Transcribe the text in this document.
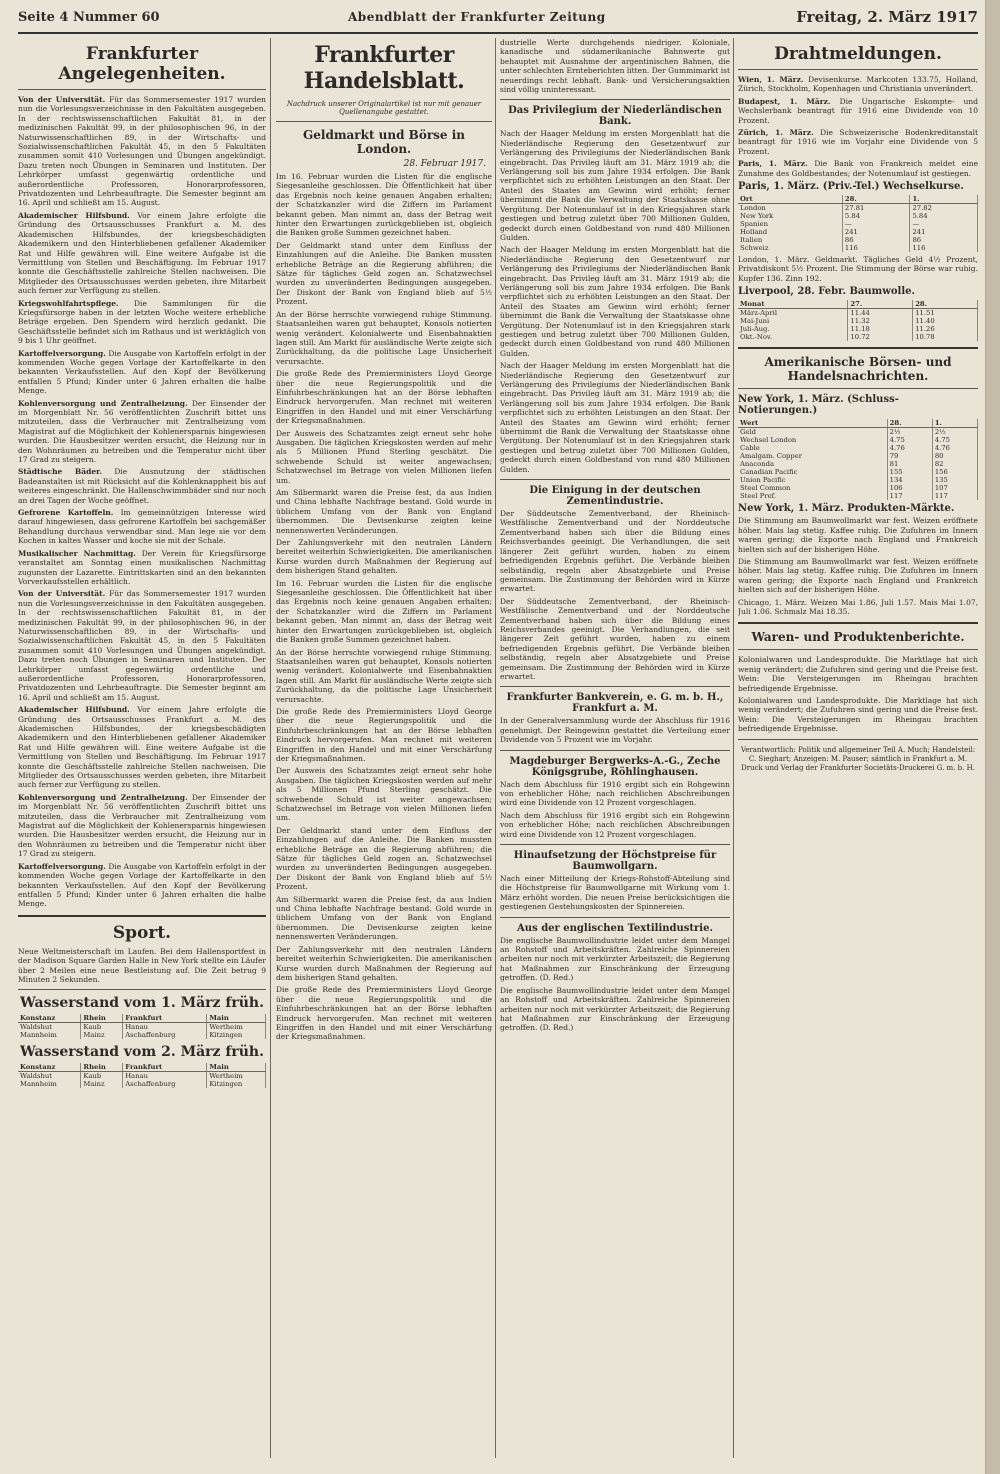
Seite 4 Nummer 60	Abendblatt der Frankfurter Zeitung	Freitag, 2. März 1917
Frankfurter Angelegenheiten.

Von der Universität. Für das Sommersemester 1917 wurden nun die Vorlesungsverzeichnisse in den Fakultäten ausgegeben. In der rechtswissenschaftlichen Fakultät 81, in der medizinischen Fakultät 99, in der philosophischen 96, in der Naturwissenschaftlichen 89, in der Wirtschafts- und Sozialwissenschaftlichen Fakultät 45, in den 5 Fakultäten zusammen somit 410 Vorlesungen und Übungen angekündigt. Dazu treten noch Übungen in Seminaren und Instituten. Der Lehrkörper umfasst gegenwärtig ordentliche und außerordentliche Professoren, Honorarprofessoren, Privatdozenten und Lehrbeauftragte. Die Semester beginnt am 16. April und schließt am 15. August.

Akademischer Hilfsbund. Vor einem Jahre erfolgte die Gründung des Ortsausschusses Frankfurt a. M. des Akademischen Hilfsbundes, der kriegsbeschädigten Akademikern und den Hinterbliebenen gefallener Akademiker Rat und Hilfe gewähren will. Eine weitere Aufgabe ist die Vermittlung von Stellen und Beschäftigung. Im Februar 1917 konnte die Geschäftsstelle zahlreiche Stellen nachweisen. Die Mitglieder des Ortsausschusses werden gebeten, ihre Mitarbeit auch ferner zur Verfügung zu stellen.

Kriegswohlfahrtspflege. Die Sammlungen für die Kriegsfürsorge haben in der letzten Woche weitere erhebliche Beträge ergeben. Den Spendern wird herzlich gedankt. Die Geschäftsstelle befindet sich im Rathaus und ist werktäglich von 9 bis 1 Uhr geöffnet.

Kartoffelversorgung. Die Ausgabe von Kartoffeln erfolgt in der kommenden Woche gegen Vorlage der Kartoffelkarte in den bekannten Verkaufsstellen. Auf den Kopf der Bevölkerung entfallen 5 Pfund; Kinder unter 6 Jahren erhalten die halbe Menge.

Kohlenversorgung und Zentralheizung. Der Einsender der im Morgenblatt Nr. 56 veröffentlichten Zuschrift bittet uns mitzuteilen, dass die Verbraucher mit Zentralheizung vom Magistrat auf die Möglichkeit der Kohlenersparnis hingewiesen wurden. Die Hausbesitzer werden ersucht, die Heizung nur in den Wohnräumen zu betreiben und die Temperatur nicht über 17 Grad zu steigern.

Städtische Bäder. Die Ausnutzung der städtischen Badeanstalten ist mit Rücksicht auf die Kohlenknappheit bis auf weiteres eingeschränkt. Die Hallenschwimmbäder sind nur noch an drei Tagen der Woche geöffnet.

Gefrorene Kartoffeln. Im gemeinnützigen Interesse wird darauf hingewiesen, dass gefrorene Kartoffeln bei sachgemäßer Behandlung durchaus verwendbar sind. Man lege sie vor dem Kochen in kaltes Wasser und koche sie mit der Schale.

Musikalischer Nachmittag. Der Verein für Kriegsfürsorge veranstaltet am Sonntag einen musikalischen Nachmittag zugunsten der Lazarette. Eintrittskarten sind an den bekannten Vorverkaufsstellen erhältlich.

Von der Universität. Für das Sommersemester 1917 wurden nun die Vorlesungsverzeichnisse in den Fakultäten ausgegeben. In der rechtswissenschaftlichen Fakultät 81, in der medizinischen Fakultät 99, in der philosophischen 96, in der Naturwissenschaftlichen 89, in der Wirtschafts- und Sozialwissenschaftlichen Fakultät 45, in den 5 Fakultäten zusammen somit 410 Vorlesungen und Übungen angekündigt. Dazu treten noch Übungen in Seminaren und Instituten. Der Lehrkörper umfasst gegenwärtig ordentliche und außerordentliche Professoren, Honorarprofessoren, Privatdozenten und Lehrbeauftragte. Die Semester beginnt am 16. April und schließt am 15. August.

Akademischer Hilfsbund. Vor einem Jahre erfolgte die Gründung des Ortsausschusses Frankfurt a. M. des Akademischen Hilfsbundes, der kriegsbeschädigten Akademikern und den Hinterbliebenen gefallener Akademiker Rat und Hilfe gewähren will. Eine weitere Aufgabe ist die Vermittlung von Stellen und Beschäftigung. Im Februar 1917 konnte die Geschäftsstelle zahlreiche Stellen nachweisen. Die Mitglieder des Ortsausschusses werden gebeten, ihre Mitarbeit auch ferner zur Verfügung zu stellen.

Kohlenversorgung und Zentralheizung. Der Einsender der im Morgenblatt Nr. 56 veröffentlichten Zuschrift bittet uns mitzuteilen, dass die Verbraucher mit Zentralheizung vom Magistrat auf die Möglichkeit der Kohlenersparnis hingewiesen wurden. Die Hausbesitzer werden ersucht, die Heizung nur in den Wohnräumen zu betreiben und die Temperatur nicht über 17 Grad zu steigern.

Kartoffelversorgung. Die Ausgabe von Kartoffeln erfolgt in der kommenden Woche gegen Vorlage der Kartoffelkarte in den bekannten Verkaufsstellen. Auf den Kopf der Bevölkerung entfallen 5 Pfund; Kinder unter 6 Jahren erhalten die halbe Menge.

Sport.

Neue Weltmeisterschaft im Laufen. Bei dem Hallensportfest in der Madison Square Garden Halle in New York stellte ein Läufer über 2 Meilen eine neue Bestleistung auf. Die Zeit betrug 9 Minuten 2 Sekunden.

Wasserstand vom 1. März früh.
Konstanz	Rhein	Frankfurt	Main
Waldshut	Kaub	Hanau	Wertheim
Mannheim	Mainz	Aschaffenburg	Kitzingen
Wasserstand vom 2. März früh.
Konstanz	Rhein	Frankfurt	Main
Waldshut	Kaub	Hanau	Wertheim
Mannheim	Mainz	Aschaffenburg	Kitzingen
Frankfurter Handelsblatt.
Nachdruck unserer Originalartikel ist nur mit genauer Quellenangabe gestattet.
Geldmarkt und Börse in London.
28. Februar 1917.

Im 16. Februar wurden die Listen für die englische Siegesanleihe geschlossen. Die Öffentlichkeit hat über das Ergebnis noch keine genauen Angaben erhalten; der Schatzkanzler wird die Ziffern im Parlament bekannt geben. Man nimmt an, dass der Betrag weit hinter den Erwartungen zurückgeblieben ist, obgleich die Banken große Summen gezeichnet haben.

Der Geldmarkt stand unter dem Einfluss der Einzahlungen auf die Anleihe. Die Banken mussten erhebliche Beträge an die Regierung abführen; die Sätze für tägliches Geld zogen an. Schatzwechsel wurden zu unveränderten Bedingungen ausgegeben. Der Diskont der Bank von England blieb auf 5½ Prozent.

An der Börse herrschte vorwiegend ruhige Stimmung. Staatsanleihen waren gut behauptet, Konsols notierten wenig verändert. Kolonialwerte und Eisenbahnaktien lagen still. Am Markt für ausländische Werte zeigte sich Zurückhaltung, da die politische Lage Unsicherheit verursachte.

Die große Rede des Premierministers Lloyd George über die neue Regierungspolitik und die Einfuhrbeschränkungen hat an der Börse lebhaften Eindruck hervorgerufen. Man rechnet mit weiteren Eingriffen in den Handel und mit einer Verschärfung der Kriegsmaßnahmen.

Der Ausweis des Schatzamtes zeigt erneut sehr hohe Ausgaben. Die täglichen Kriegskosten werden auf mehr als 5 Millionen Pfund Sterling geschätzt. Die schwebende Schuld ist weiter angewachsen; Schatzwechsel im Betrage von vielen Millionen liefen um.

Am Silbermarkt waren die Preise fest, da aus Indien und China lebhafte Nachfrage bestand. Gold wurde in üblichem Umfang von der Bank von England übernommen. Die Devisenkurse zeigten keine nennenswerten Veränderungen.

Der Zahlungsverkehr mit den neutralen Ländern bereitet weiterhin Schwierigkeiten. Die amerikanischen Kurse wurden durch Maßnahmen der Regierung auf dem bisherigen Stand gehalten.

Im 16. Februar wurden die Listen für die englische Siegesanleihe geschlossen. Die Öffentlichkeit hat über das Ergebnis noch keine genauen Angaben erhalten; der Schatzkanzler wird die Ziffern im Parlament bekannt geben. Man nimmt an, dass der Betrag weit hinter den Erwartungen zurückgeblieben ist, obgleich die Banken große Summen gezeichnet haben.

An der Börse herrschte vorwiegend ruhige Stimmung. Staatsanleihen waren gut behauptet, Konsols notierten wenig verändert. Kolonialwerte und Eisenbahnaktien lagen still. Am Markt für ausländische Werte zeigte sich Zurückhaltung, da die politische Lage Unsicherheit verursachte.

Die große Rede des Premierministers Lloyd George über die neue Regierungspolitik und die Einfuhrbeschränkungen hat an der Börse lebhaften Eindruck hervorgerufen. Man rechnet mit weiteren Eingriffen in den Handel und mit einer Verschärfung der Kriegsmaßnahmen.

Der Ausweis des Schatzamtes zeigt erneut sehr hohe Ausgaben. Die täglichen Kriegskosten werden auf mehr als 5 Millionen Pfund Sterling geschätzt. Die schwebende Schuld ist weiter angewachsen; Schatzwechsel im Betrage von vielen Millionen liefen um.

Der Geldmarkt stand unter dem Einfluss der Einzahlungen auf die Anleihe. Die Banken mussten erhebliche Beträge an die Regierung abführen; die Sätze für tägliches Geld zogen an. Schatzwechsel wurden zu unveränderten Bedingungen ausgegeben. Der Diskont der Bank von England blieb auf 5½ Prozent.

Am Silbermarkt waren die Preise fest, da aus Indien und China lebhafte Nachfrage bestand. Gold wurde in üblichem Umfang von der Bank von England übernommen. Die Devisenkurse zeigten keine nennenswerten Veränderungen.

Der Zahlungsverkehr mit den neutralen Ländern bereitet weiterhin Schwierigkeiten. Die amerikanischen Kurse wurden durch Maßnahmen der Regierung auf dem bisherigen Stand gehalten.

Die große Rede des Premierministers Lloyd George über die neue Regierungspolitik und die Einfuhrbeschränkungen hat an der Börse lebhaften Eindruck hervorgerufen. Man rechnet mit weiteren Eingriffen in den Handel und mit einer Verschärfung der Kriegsmaßnahmen.

dustrielle Werte durchgehends niedriger. Koloniale, kanadische und südamerikanische Bahnwerte gut behauptet mit Ausnahme der argentinischen Bahnen, die unter schlechten Ernteberichten litten. Der Gummimarkt ist neuerdings recht lebhaft. Bank- und Versicherungsaktien sind völlig uninteressant.

Das Privilegium der Niederländischen Bank.

Nach der Haager Meldung im ersten Morgenblatt hat die Niederländische Regierung den Gesetzentwurf zur Verlängerung des Privilegiums der Niederländischen Bank eingebracht. Das Privileg läuft am 31. März 1919 ab; die Verlängerung soll bis zum Jahre 1934 erfolgen. Die Bank verpflichtet sich zu erhöhten Leistungen an den Staat. Der Anteil des Staates am Gewinn wird erhöht; ferner übernimmt die Bank die Verwaltung der Staatskasse ohne Vergütung. Der Notenumlauf ist in den Kriegsjahren stark gestiegen und betrug zuletzt über 700 Millionen Gulden, gedeckt durch einen Goldbestand von rund 480 Millionen Gulden.

Nach der Haager Meldung im ersten Morgenblatt hat die Niederländische Regierung den Gesetzentwurf zur Verlängerung des Privilegiums der Niederländischen Bank eingebracht. Das Privileg läuft am 31. März 1919 ab; die Verlängerung soll bis zum Jahre 1934 erfolgen. Die Bank verpflichtet sich zu erhöhten Leistungen an den Staat. Der Anteil des Staates am Gewinn wird erhöht; ferner übernimmt die Bank die Verwaltung der Staatskasse ohne Vergütung. Der Notenumlauf ist in den Kriegsjahren stark gestiegen und betrug zuletzt über 700 Millionen Gulden, gedeckt durch einen Goldbestand von rund 480 Millionen Gulden.

Nach der Haager Meldung im ersten Morgenblatt hat die Niederländische Regierung den Gesetzentwurf zur Verlängerung des Privilegiums der Niederländischen Bank eingebracht. Das Privileg läuft am 31. März 1919 ab; die Verlängerung soll bis zum Jahre 1934 erfolgen. Die Bank verpflichtet sich zu erhöhten Leistungen an den Staat. Der Anteil des Staates am Gewinn wird erhöht; ferner übernimmt die Bank die Verwaltung der Staatskasse ohne Vergütung. Der Notenumlauf ist in den Kriegsjahren stark gestiegen und betrug zuletzt über 700 Millionen Gulden, gedeckt durch einen Goldbestand von rund 480 Millionen Gulden.

Die Einigung in der deutschen Zementindustrie.

Der Süddeutsche Zementverband, der Rheinisch-Westfälische Zementverband und der Norddeutsche Zementverband haben sich über die Bildung eines Reichsverbandes geeinigt. Die Verhandlungen, die seit längerer Zeit geführt wurden, haben zu einem befriedigenden Ergebnis geführt. Die Verbände bleiben selbständig, regeln aber Absatzgebiete und Preise gemeinsam. Die Zustimmung der Behörden wird in Kürze erwartet.

Der Süddeutsche Zementverband, der Rheinisch-Westfälische Zementverband und der Norddeutsche Zementverband haben sich über die Bildung eines Reichsverbandes geeinigt. Die Verhandlungen, die seit längerer Zeit geführt wurden, haben zu einem befriedigenden Ergebnis geführt. Die Verbände bleiben selbständig, regeln aber Absatzgebiete und Preise gemeinsam. Die Zustimmung der Behörden wird in Kürze erwartet.

Frankfurter Bankverein, e. G. m. b. H., Frankfurt a. M.

In der Generalversammlung wurde der Abschluss für 1916 genehmigt. Der Reingewinn gestattet die Verteilung einer Dividende von 5 Prozent wie im Vorjahr.

Magdeburger Bergwerks-A.-G., Zeche Königsgrube, Röhlinghausen.

Nach dem Abschluss für 1916 ergibt sich ein Rohgewinn von erheblicher Höhe; nach reichlichen Abschreibungen wird eine Dividende von 12 Prozent vorgeschlagen.

Nach dem Abschluss für 1916 ergibt sich ein Rohgewinn von erheblicher Höhe; nach reichlichen Abschreibungen wird eine Dividende von 12 Prozent vorgeschlagen.

Hinaufsetzung der Höchstpreise für Baumwollgarn.

Nach einer Mitteilung der Kriegs-Rohstoff-Abteilung sind die Höchstpreise für Baumwollgarne mit Wirkung vom 1. März erhöht worden. Die neuen Preise berücksichtigen die gestiegenen Gestehungskosten der Spinnereien.

Aus der englischen Textilindustrie.

Die englische Baumwollindustrie leidet unter dem Mangel an Rohstoff und Arbeitskräften. Zahlreiche Spinnereien arbeiten nur noch mit verkürzter Arbeitszeit; die Regierung hat Maßnahmen zur Einschränkung der Erzeugung getroffen. (D. Red.)

Die englische Baumwollindustrie leidet unter dem Mangel an Rohstoff und Arbeitskräften. Zahlreiche Spinnereien arbeiten nur noch mit verkürzter Arbeitszeit; die Regierung hat Maßnahmen zur Einschränkung der Erzeugung getroffen. (D. Red.)

Drahtmeldungen.

Wien, 1. März. Devisenkurse. Markcoten 133.75, Holland, Zürich, Stockholm, Kopenhagen und Christiania unverändert.

Budapest, 1. März. Die Ungarische Eskompte- und Wechslerbank beantragt für 1916 eine Dividende von 10 Prozent.

Zürich, 1. März. Die Schweizerische Bodenkreditanstalt beantragt für 1916 wie im Vorjahr eine Dividende von 5 Prozent.

Paris, 1. März. Die Bank von Frankreich meldet eine Zunahme des Goldbestandes; der Notenumlauf ist gestiegen.

Paris, 1. März. (Priv.-Tel.) Wechselkurse.
Ort	28.	1.
London	27.81	27.82
New York	5.84	5.84
Spanien	—	—
Holland	241	241
Italien	86	86
Schweiz	116	116

London, 1. März. Geldmarkt. Tägliches Geld 4½ Prozent, Privatdiskont 5½ Prozent. Die Stimmung der Börse war ruhig. Kupfer 136. Zinn 192.

Liverpool, 28. Febr. Baumwolle.
Monat	27.	28.
März-April	11.44	11.51
Mai-Juni	11.32	11.40
Juli-Aug.	11.18	11.26
Okt.-Nov.	10.72	10.78
Amerikanische Börsen- und Handelsnachrichten.
New York, 1. März. (Schluss-Notierungen.)
Wert	28.	1.
Geld	2½	2½
Wechsel London	4.75	4.75
Cable	4.76	4.76
Amalgam. Copper	79	80
Anaconda	81	82
Canadian Pacific	155	156
Union Pacific	134	135
Steel Common	106	107
Steel Pref.	117	117
New York, 1. März. Produkten-Märkte.

Die Stimmung am Baumwollmarkt war fest. Weizen eröffnete höher. Mais lag stetig. Kaffee ruhig. Die Zufuhren im Innern waren gering; die Exporte nach England und Frankreich hielten sich auf der bisherigen Höhe.

Die Stimmung am Baumwollmarkt war fest. Weizen eröffnete höher. Mais lag stetig. Kaffee ruhig. Die Zufuhren im Innern waren gering; die Exporte nach England und Frankreich hielten sich auf der bisherigen Höhe.

Chicago, 1. März. Weizen Mai 1.86, Juli 1.57. Mais Mai 1.07, Juli 1.06. Schmalz Mai 18.35.

Waren- und Produktenberichte.

Kolonialwaren und Landesprodukte. Die Marktlage hat sich wenig verändert; die Zufuhren sind gering und die Preise fest. Wein: Die Versteigerungen im Rheingau brachten befriedigende Ergebnisse.

Kolonialwaren und Landesprodukte. Die Marktlage hat sich wenig verändert; die Zufuhren sind gering und die Preise fest. Wein: Die Versteigerungen im Rheingau brachten befriedigende Ergebnisse.

Verantwortlich: Politik und allgemeiner Teil A. Much; Handelsteil: C. Sieghart; Anzeigen: M. Pauser; sämtlich in Frankfurt a. M. Druck und Verlag der Frankfurter Societäts-Druckerei G. m. b. H.
